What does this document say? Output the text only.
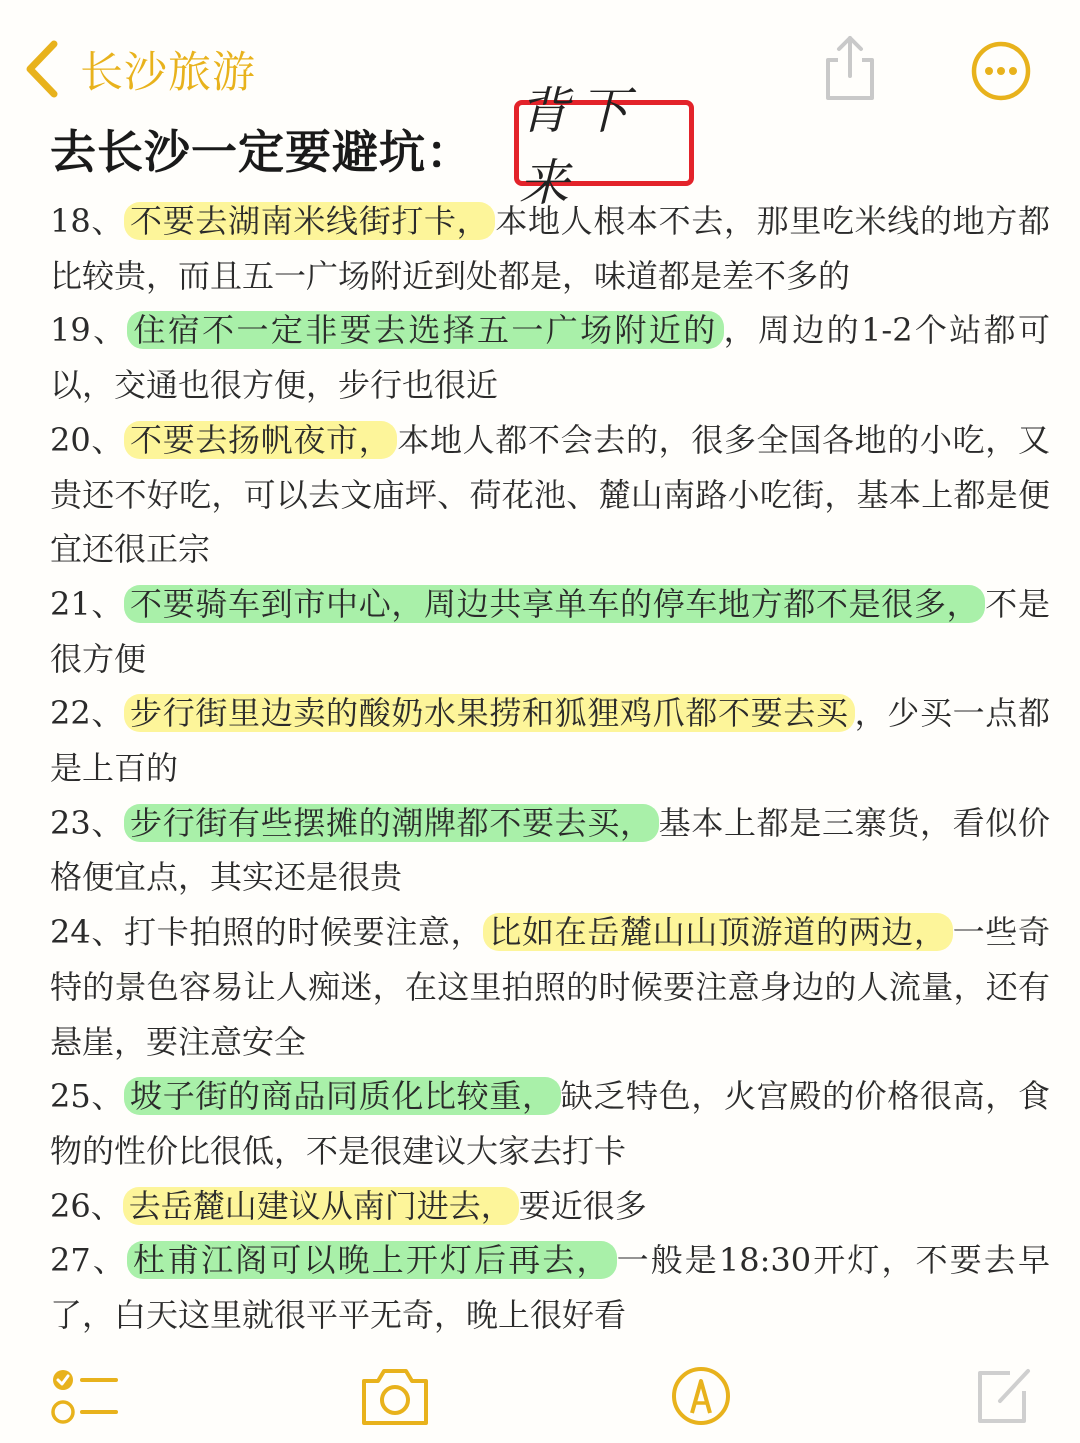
长沙旅游
去长沙一定要避坑：
背下来

18、 不要去湖南米线街打卡， 本地人根本不去，那里吃米线的地方都比较贵，而且五一广场附近到处都是，味道都是差不多的

19、 住宿不一定非要去选择五一广场附近的 ，周边的1-2个站都可以，交通也很方便，步行也很近

20、 不要去扬帆夜市， 本地人都不会去的，很多全国各地的小吃，又贵还不好吃，可以去文庙坪、荷花池、麓山南路小吃街，基本上都是便宜还很正宗

21、 不要骑车到市中心，周边共享单车的停车地方都不是很多， 不是很方便

22、 步行街里边卖的酸奶水果捞和狐狸鸡爪都不要去买 ，少买一点都是上百的

23、 步行街有些摆摊的潮牌都不要去买， 基本上都是三寨货，看似价格便宜点，其实还是很贵

24、打卡拍照的时候要注意， 比如在岳麓山山顶游道的两边， 一些奇特的景色容易让人痴迷，在这里拍照的时候要注意身边的人流量，还有悬崖，要注意安全

25、 坡子街的商品同质化比较重， 缺乏特色，火宫殿的价格很高，食物的性价比很低，不是很建议大家去打卡

26、 去岳麓山建议从南门进去， 要近很多

27、 杜甫江阁可以晚上开灯后再去， 一般是18:30开灯，不要去早了，白天这里就很平平无奇，晚上很好看
